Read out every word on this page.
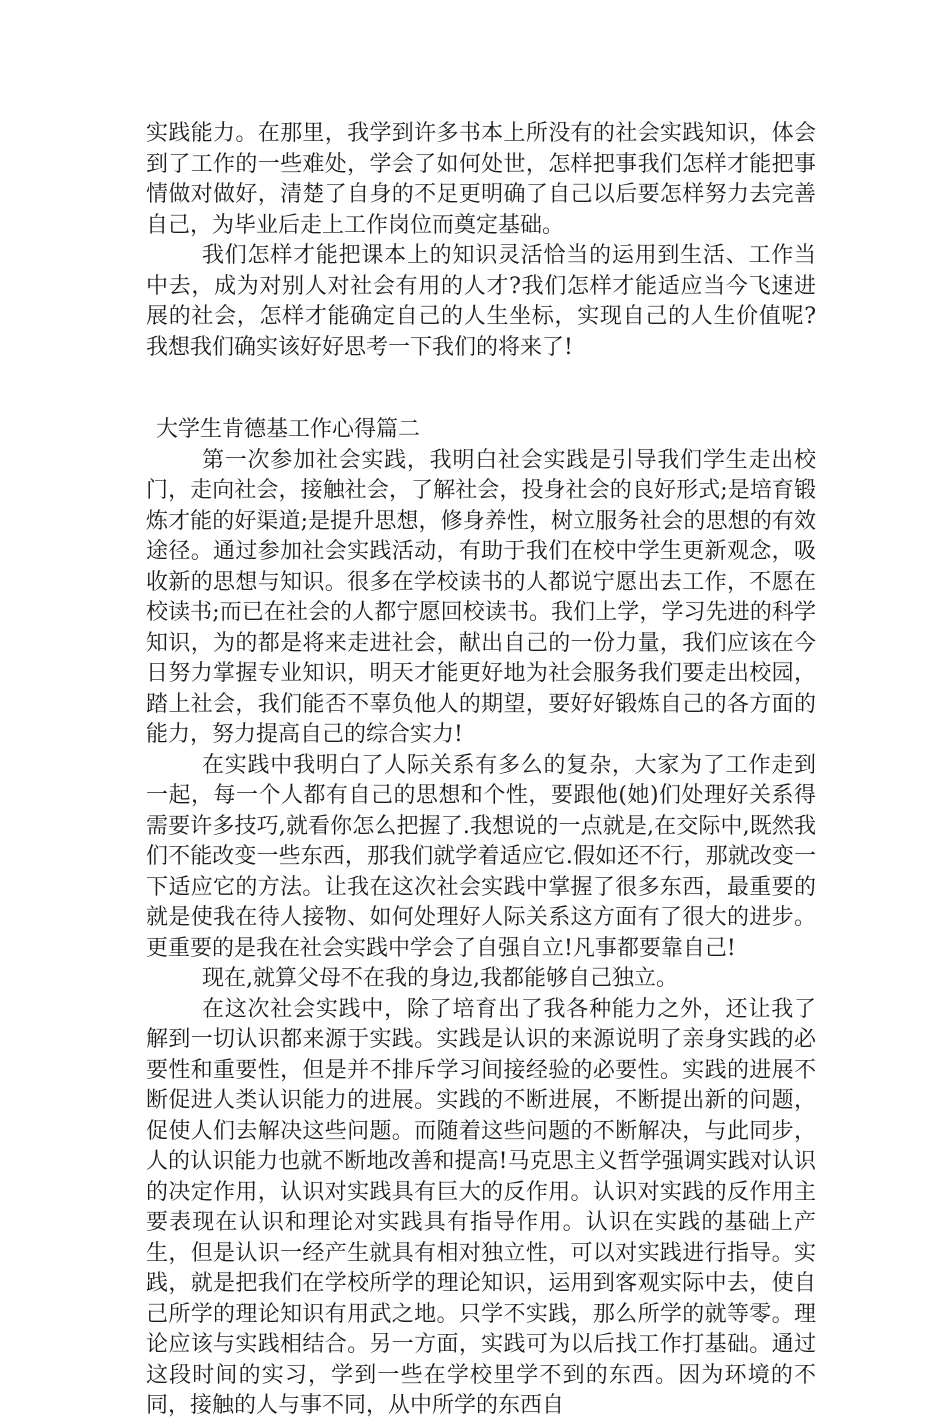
实践能力。在那里，我学到许多书本上所没有的社会实践知识，体会到了工作的一些难处，学会了如何处世，怎样把事我们怎样才能把事情做对做好，清楚了自身的不足更明确了自己以后要怎样努力去完善自己，为毕业后走上工作岗位而奠定基础。

我们怎样才能把课本上的知识灵活恰当的运用到生活、工作当中去，成为对别人对社会有用的人才?我们怎样才能适应当今飞速进展的社会，怎样才能确定自己的人生坐标，实现自己的人生价值呢?我想我们确实该好好思考一下我们的将来了!

大学生肯德基工作心得篇二

第一次参加社会实践，我明白社会实践是引导我们学生走出校门，走向社会，接触社会，了解社会，投身社会的良好形式;是培育锻炼才能的好渠道;是提升思想，修身养性，树立服务社会的思想的有效途径。通过参加社会实践活动，有助于我们在校中学生更新观念，吸收新的思想与知识。很多在学校读书的人都说宁愿出去工作，不愿在校读书;而已在社会的人都宁愿回校读书。我们上学，学习先进的科学知识，为的都是将来走进社会，献出自己的一份力量，我们应该在今日努力掌握专业知识，明天才能更好地为社会服务我们要走出校园，踏上社会，我们能否不辜负他人的期望，要好好锻炼自己的各方面的能力，努力提高自己的综合实力!

在实践中我明白了人际关系有多么的复杂，大家为了工作走到一起，每一个人都有自己的思想和个性，要跟他(她)们处理好关系得需要许多技巧,就看你怎么把握了.我想说的一点就是,在交际中,既然我们不能改变一些东西，那我们就学着适应它.假如还不行，那就改变一下适应它的方法。让我在这次社会实践中掌握了很多东西，最重要的就是使我在待人接物、如何处理好人际关系这方面有了很大的进步。更重要的是我在社会实践中学会了自强自立!凡事都要靠自己!

现在,就算父母不在我的身边,我都能够自己独立。

在这次社会实践中，除了培育出了我各种能力之外，还让我了解到一切认识都来源于实践。实践是认识的来源说明了亲身实践的必要性和重要性，但是并不排斥学习间接经验的必要性。实践的进展不断促进人类认识能力的进展。实践的不断进展，不断提出新的问题，促使人们去解决这些问题。而随着这些问题的不断解决，与此同步，人的认识能力也就不断地改善和提高!马克思主义哲学强调实践对认识的决定作用，认识对实践具有巨大的反作用。认识对实践的反作用主要表现在认识和理论对实践具有指导作用。认识在实践的基础上产生，但是认识一经产生就具有相对独立性，可以对实践进行指导。实践，就是把我们在学校所学的理论知识，运用到客观实际中去，使自己所学的理论知识有用武之地。只学不实践，那么所学的就等零。理论应该与实践相结合。另一方面，实践可为以后找工作打基础。通过这段时间的实习，学到一些在学校里学不到的东西。因为环境的不同，接触的人与事不同，从中所学的东西自
